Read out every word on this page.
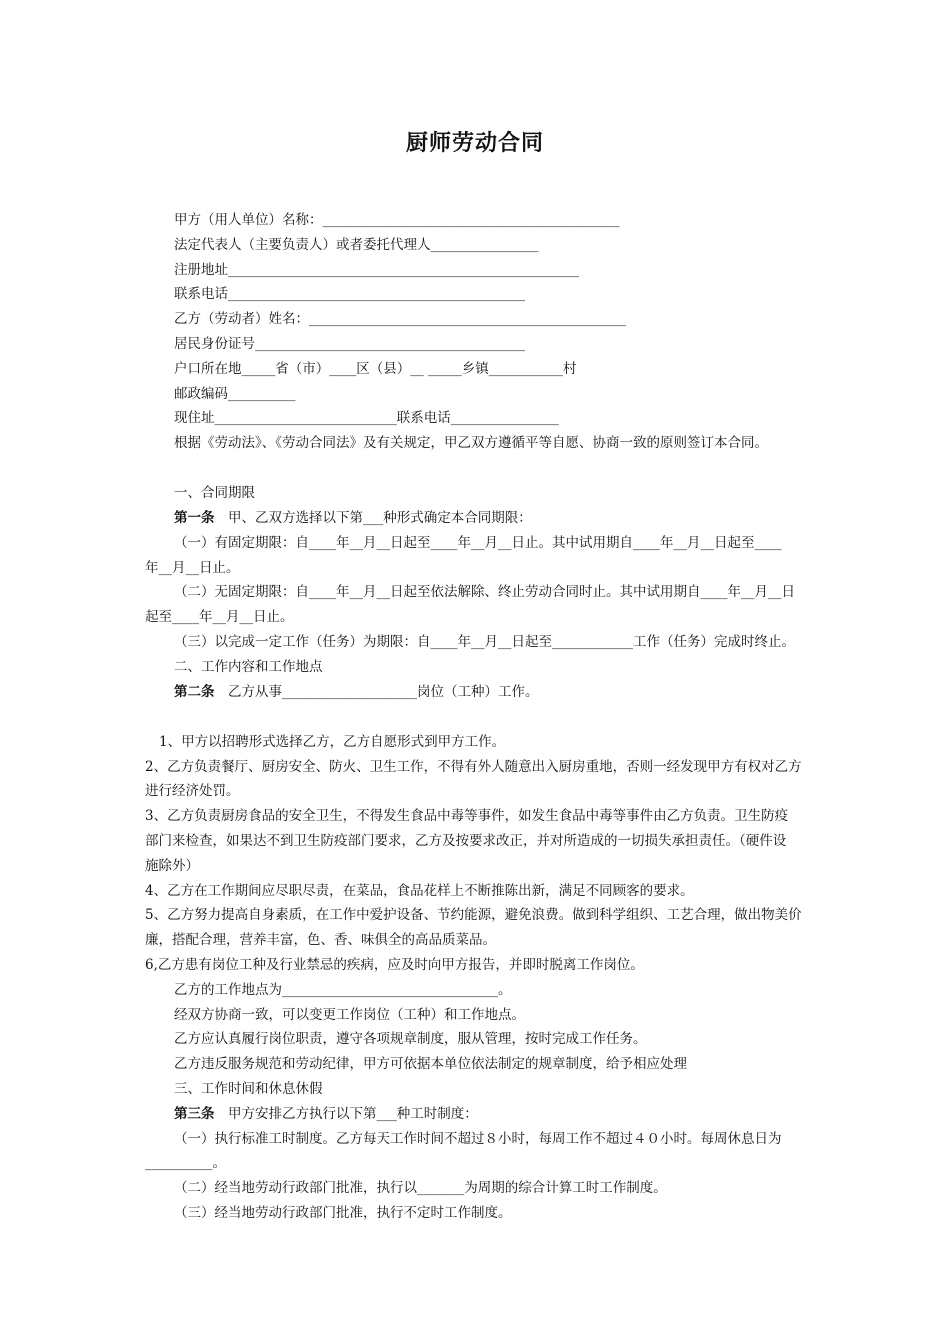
厨师劳动合同
甲方（用人单位）名称：____________________________________________
法定代表人（主要负责人）或者委托代理人________________
注册地址____________________________________________________
联系电话____________________________________________
乙方（劳动者）姓名：_______________________________________________
居民身份证号________________________________________
户口所在地_____省（市）____区（县）__ _____乡镇___________村
邮政编码__________
现住址___________________________联系电话________________
根据《劳动法》、《劳动合同法》及有关规定，甲乙双方遵循平等自愿、协商一致的原则签订本合同。
一、合同期限
第一条　甲、乙双方选择以下第___种形式确定本合同期限：
（一）有固定期限：自____年__月__日起至____年__月__日止。其中试用期自____年__月__日起至____
年__月__日止。
（二）无固定期限：自____年__月__日起至依法解除、终止劳动合同时止。其中试用期自____年__月__日
起至____年__月__日止。
（三）以完成一定工作（任务）为期限：自____年__月__日起至____________工作（任务）完成时终止。
二、工作内容和工作地点
第二条　乙方从事____________________岗位（工种）工作。
1、甲方以招聘形式选择乙方，乙方自愿形式到甲方工作。
2、乙方负责餐厅、厨房安全、防火、卫生工作，不得有外人随意出入厨房重地，否则一经发现甲方有权对乙方
进行经济处罚。
3、乙方负责厨房食品的安全卫生，不得发生食品中毒等事件，如发生食品中毒等事件由乙方负责。卫生防疫
部门来检查，如果达不到卫生防疫部门要求，乙方及按要求改正，并对所造成的一切损失承担责任。（硬件设
施除外）
4、乙方在工作期间应尽职尽责，在菜品，食品花样上不断推陈出新，满足不同顾客的要求。
5、乙方努力提高自身素质，在工作中爱护设备、节约能源，避免浪费。做到科学组织、工艺合理，做出物美价
廉，搭配合理，营养丰富，色、香、味俱全的高品质菜品。
6,乙方患有岗位工种及行业禁忌的疾病，应及时向甲方报告，并即时脱离工作岗位。
乙方的工作地点为________________________________。
经双方协商一致，可以变更工作岗位（工种）和工作地点。
乙方应认真履行岗位职责，遵守各项规章制度，服从管理，按时完成工作任务。
乙方违反服务规范和劳动纪律，甲方可依据本单位依法制定的规章制度，给予相应处理
三、工作时间和休息休假
第三条　甲方安排乙方执行以下第___种工时制度：
（一）执行标准工时制度。乙方每天工作时间不超过８小时，每周工作不超过４０小时。每周休息日为
__________。
（二）经当地劳动行政部门批准，执行以_______为周期的综合计算工时工作制度。
（三）经当地劳动行政部门批准，执行不定时工作制度。
